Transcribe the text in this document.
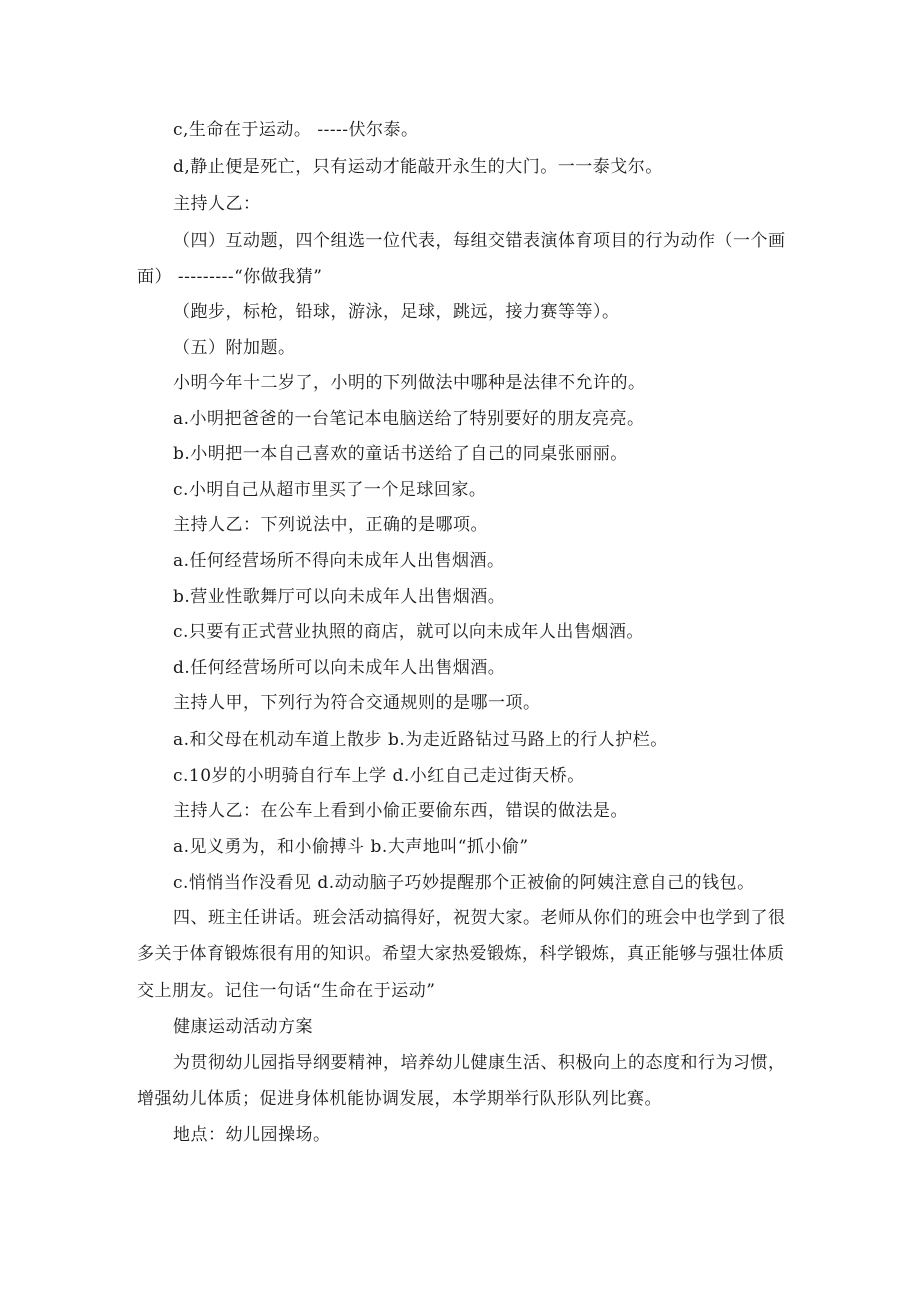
c,生命在于运动。 -----伏尔泰。

d,静止便是死亡，只有运动才能敲开永生的大门。一一泰戈尔。

主持人乙：

（四）互动题，四个组选一位代表，每组交错表演体育项目的行为动作（一个画

面） ---------“你做我猜”

（跑步，标枪，铅球，游泳，足球，跳远，接力赛等等）。

（五）附加题。

小明今年十二岁了，小明的下列做法中哪种是法律不允许的。

a.小明把爸爸的一台笔记本电脑送给了特别要好的朋友亮亮。

b.小明把一本自己喜欢的童话书送给了自己的同桌张丽丽。

c.小明自己从超市里买了一个足球回家。

主持人乙：下列说法中，正确的是哪项。

a.任何经营场所不得向未成年人出售烟酒。

b.营业性歌舞厅可以向未成年人出售烟酒。

c.只要有正式营业执照的商店，就可以向未成年人出售烟酒。

d.任何经营场所可以向未成年人出售烟酒。

主持人甲，下列行为符合交通规则的是哪一项。

a.和父母在机动车道上散步 b.为走近路钻过马路上的行人护栏。

c.10岁的小明骑自行车上学 d.小红自己走过街天桥。

主持人乙：在公车上看到小偷正要偷东西，错误的做法是。

a.见义勇为，和小偷搏斗 b.大声地叫“抓小偷”

c.悄悄当作没看见 d.动动脑子巧妙提醒那个正被偷的阿姨注意自己的钱包。

四、班主任讲话。班会活动搞得好，祝贺大家。老师从你们的班会中也学到了很

多关于体育锻炼很有用的知识。希望大家热爱锻炼，科学锻炼，真正能够与强壮体质

交上朋友。记住一句话“生命在于运动”

健康运动活动方案

为贯彻幼儿园指导纲要精神，培养幼儿健康生活、积极向上的态度和行为习惯，

增强幼儿体质；促进身体机能协调发展，本学期举行队形队列比赛。

地点：幼儿园操场。
